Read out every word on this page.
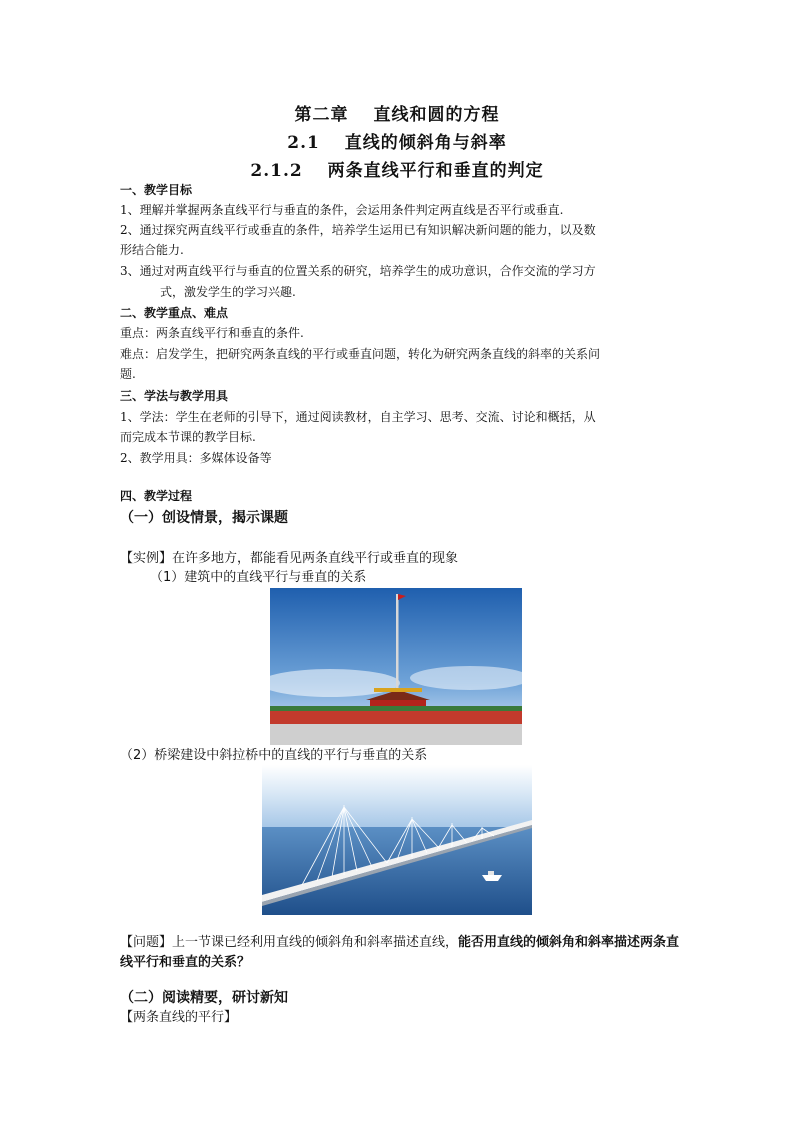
第二章　 直线和圆的方程
2.1　 直线的倾斜角与斜率
2.1.2　 两条直线平行和垂直的判定
一、教学目标
1、理解并掌握两条直线平行与垂直的条件，会运用条件判定两直线是否平行或垂直.
2、通过探究两直线平行或垂直的条件，培养学生运用已有知识解决新问题的能力，以及数
形结合能力.
3、通过对两直线平行与垂直的位置关系的研究，培养学生的成功意识，合作交流的学习方
式，激发学生的学习兴趣.
二、教学重点、难点
重点：两条直线平行和垂直的条件.
难点：启发学生，把研究两条直线的平行或垂直问题，转化为研究两条直线的斜率的关系问
题.
三、学法与教学用具
1、学法：学生在老师的引导下，通过阅读教材，自主学习、思考、交流、讨论和概括，从
而完成本节课的教学目标.
2、教学用具：多媒体设备等
四、教学过程
（一）创设情景，揭示课题
【实例】在许多地方，都能看见两条直线平行或垂直的现象
（1）建筑中的直线平行与垂直的关系
（2）桥梁建设中斜拉桥中的直线的平行与垂直的关系
【问题】上一节课已经利用直线的倾斜角和斜率描述直线，能否用直线的倾斜角和斜率描述两条直线平行和垂直的关系？
（二）阅读精要，研讨新知
【两条直线的平行】
